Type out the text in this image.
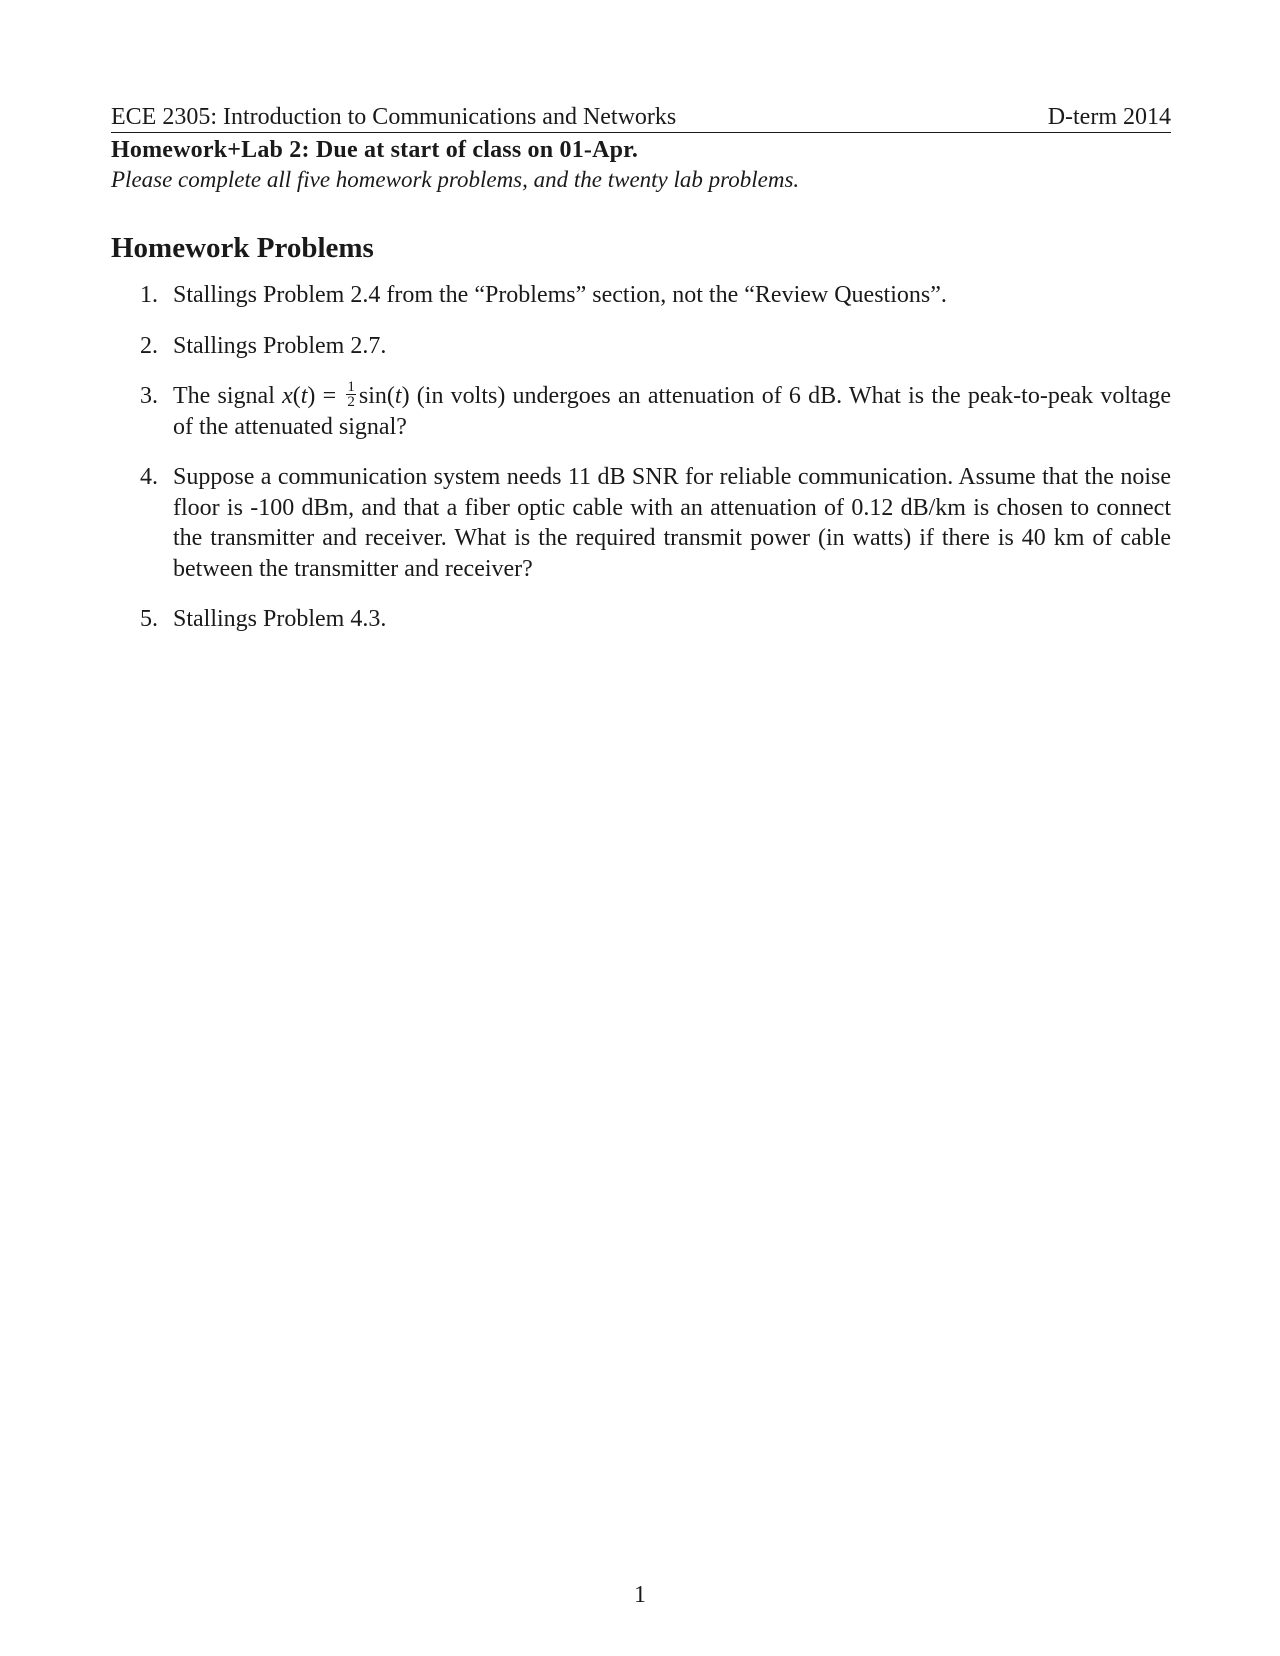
ECE 2305: Introduction to Communications and Networks	D-term 2014
Homework+Lab 2: Due at start of class on 01-Apr.
Please complete all five homework problems, and the twenty lab problems.
Homework Problems
1. Stallings Problem 2.4 from the “Problems” section, not the “Review Questions”.
2. Stallings Problem 2.7.
3. The signal $x(t) = \frac{1}{2} \sin(t)$ (in volts) undergoes an attenuation of 6 dB. What is the peak-to-peak voltage of the attenuated signal?
4. Suppose a communication system needs 11 dB SNR for reliable communication. Assume that the noise floor is -100 dBm, and that a fiber optic cable with an attenuation of 0.12 dB/km is chosen to connect the transmitter and receiver. What is the required transmit power (in watts) if there is 40 km of cable between the transmitter and receiver?
5. Stallings Problem 4.3.
1
